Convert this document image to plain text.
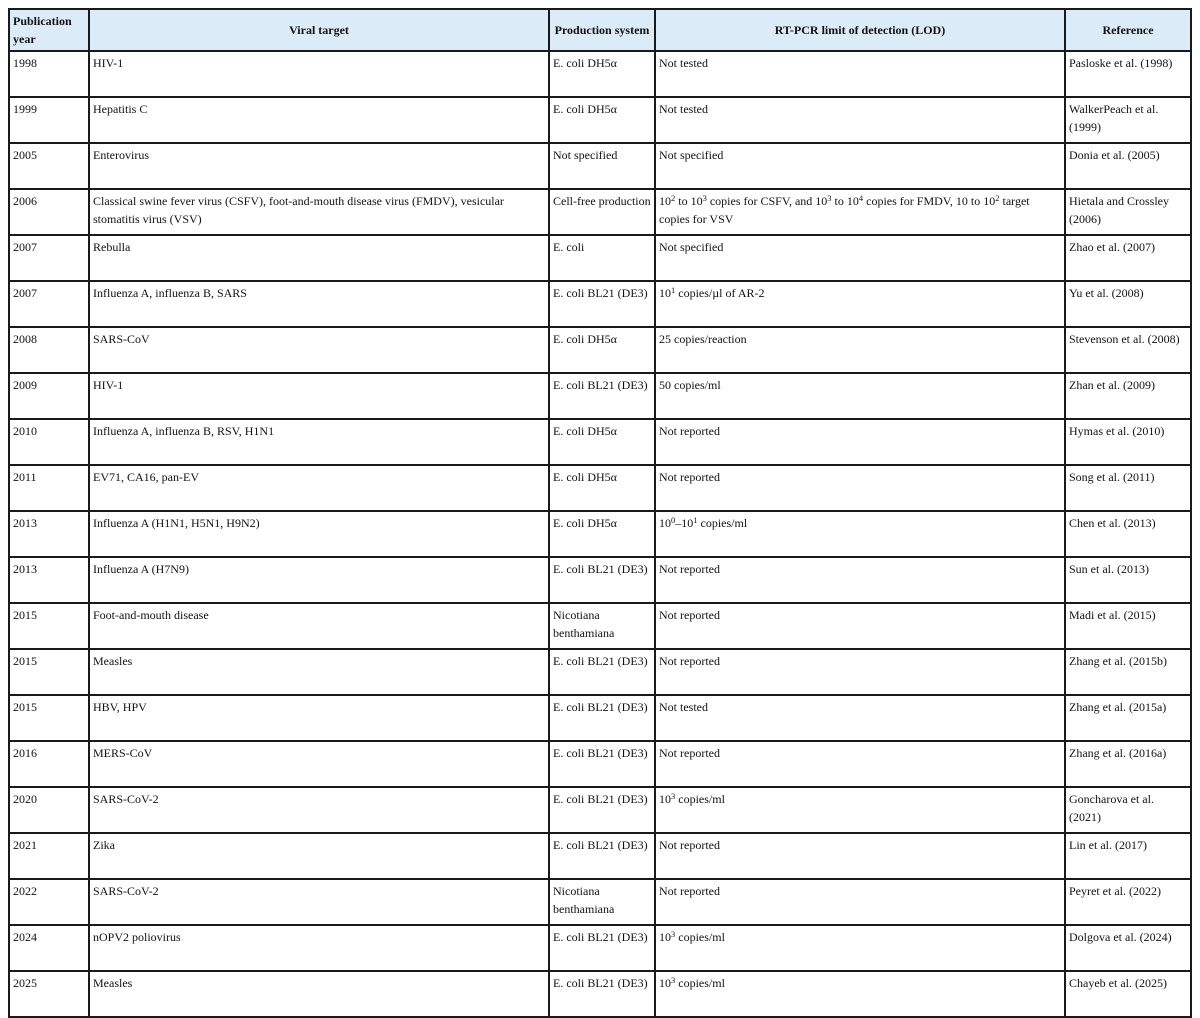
Publication year	Viral target	Production system	RT-PCR limit of detection (LOD)	Reference
1998	HIV-1	E. coli DH5α	Not tested	Pasloske et al. (1998)
1999	Hepatitis C	E. coli DH5α	Not tested	WalkerPeach et al. (1999)
2005	Enterovirus	Not specified	Not specified	Donia et al. (2005)
2006	Classical swine fever virus (CSFV), foot-and-mouth disease virus (FMDV), vesicular stomatitis virus (VSV)	Cell-free production	$10^2$ to $10^3$ copies for CSFV, and $10^3$ to $10^4$ copies for FMDV, 10 to $10^2$ target copies for VSV	Hietala and Crossley (2006)
2007	Rebulla	E. coli	Not specified	Zhao et al. (2007)
2007	Influenza A, influenza B, SARS	E. coli BL21 (DE3)	$10^1$ copies/µl of AR-2	Yu et al. (2008)
2008	SARS-CoV	E. coli DH5α	25 copies/reaction	Stevenson et al. (2008)
2009	HIV-1	E. coli BL21 (DE3)	50 copies/ml	Zhan et al. (2009)
2010	Influenza A, influenza B, RSV, H1N1	E. coli DH5α	Not reported	Hymas et al. (2010)
2011	EV71, CA16, pan-EV	E. coli DH5α	Not reported	Song et al. (2011)
2013	Influenza A (H1N1, H5N1, H9N2)	E. coli DH5α	$10^0-10^1$ copies/ml	Chen et al. (2013)
2013	Influenza A (H7N9)	E. coli BL21 (DE3)	Not reported	Sun et al. (2013)
2015	Foot-and-mouth disease	Nicotiana benthamiana	Not reported	Madi et al. (2015)
2015	Measles	E. coli BL21 (DE3)	Not reported	Zhang et al. (2015b)
2015	HBV, HPV	E. coli BL21 (DE3)	Not tested	Zhang et al. (2015a)
2016	MERS-CoV	E. coli BL21 (DE3)	Not reported	Zhang et al. (2016a)
2020	SARS-CoV-2	E. coli BL21 (DE3)	$10^3$ copies/ml	Goncharova et al. (2021)
2021	Zika	E. coli BL21 (DE3)	Not reported	Lin et al. (2017)
2022	SARS-CoV-2	Nicotiana benthamiana	Not reported	Peyret et al. (2022)
2024	nOPV2 poliovirus	E. coli BL21 (DE3)	$10^3$ copies/ml	Dolgova et al. (2024)
2025	Measles	E. coli BL21 (DE3)	$10^3$ copies/ml	Chayeb et al. (2025)
